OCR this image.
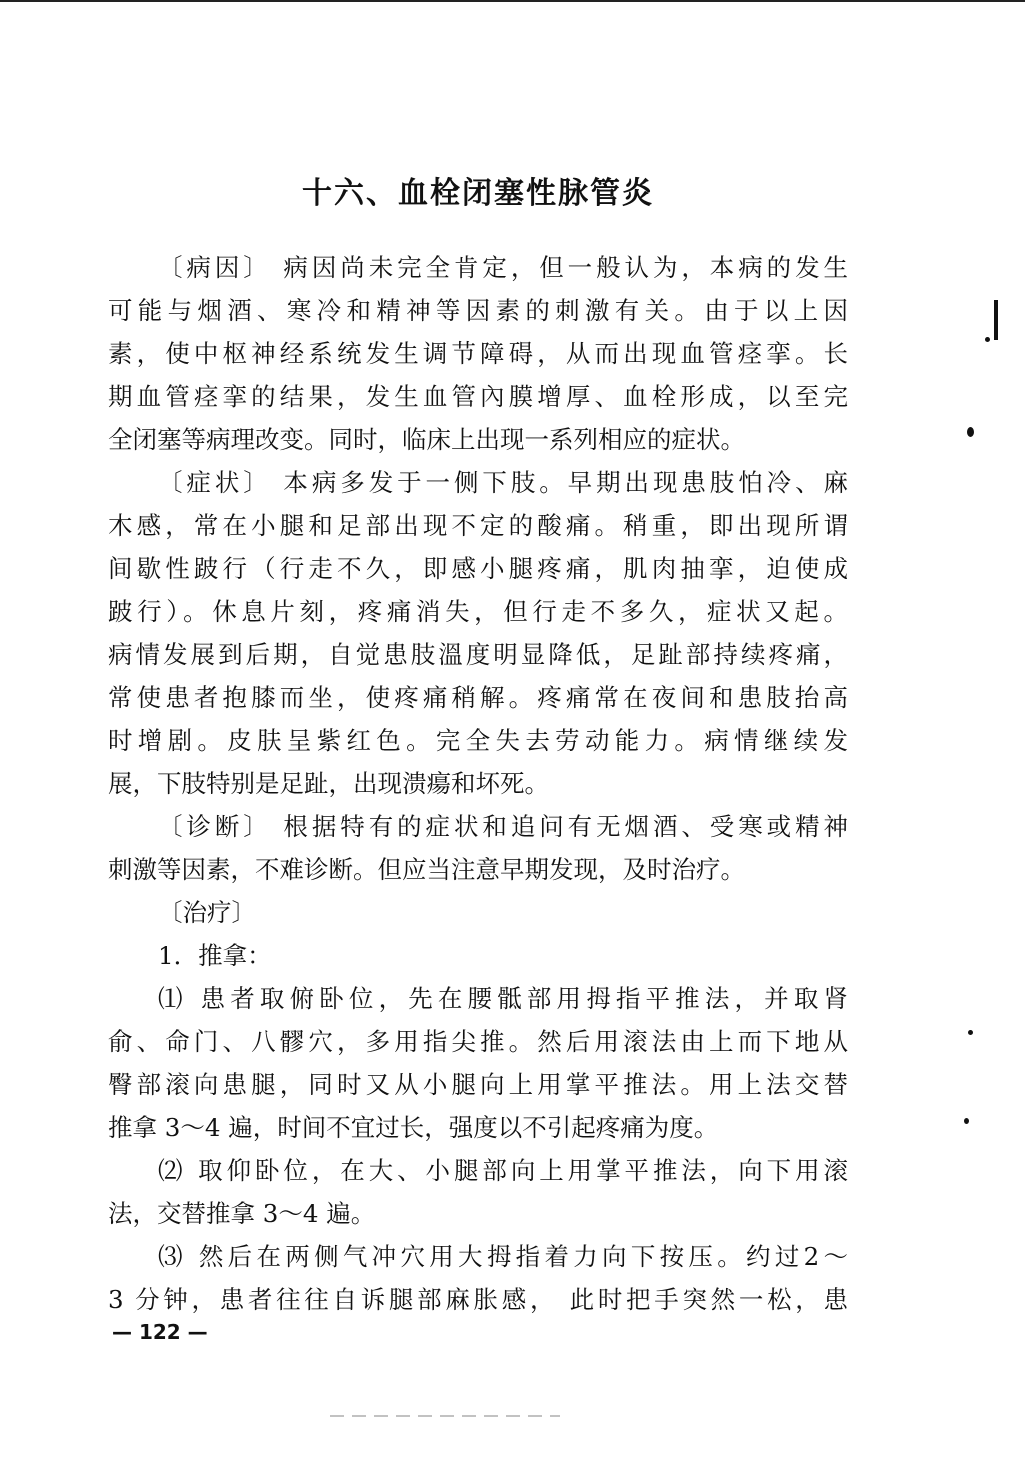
十六、血栓闭塞性脉管炎
〔病因〕 病因尚未完全肯定，但一般认为，本病的发生
可能与烟酒、寒冷和精神等因素的刺激有关。由于以上因
素，使中枢神经系统发生调节障碍，从而出现血管痉挛。长
期血管痉挛的结果，发生血管內膜增厚、血栓形成，以至完
全闭塞等病理改变。同时，临床上出现一系列相应的症状。
〔症状〕 本病多发于一侧下肢。早期出现患肢怕冷、麻
木感，常在小腿和足部出现不定的酸痛。稍重，即出现所谓
间歇性跛行（行走不久，即感小腿疼痛，肌肉抽挛，迫使成
跛行）。休息片刻，疼痛消失，但行走不多久，症状又起。
病情发展到后期，自觉患肢溫度明显降低，足趾部持续疼痛，
常使患者抱膝而坐，使疼痛稍解。疼痛常在夜间和患肢抬高
时增剧。皮肤呈紫红色。完全失去劳动能力。病情继续发
展，下肢特别是足趾，出现溃瘍和坏死。
〔诊断〕 根据特有的症状和追问有无烟酒、受寒或精神
刺激等因素，不难诊断。但应当注意早期发现，及时治疗。
〔治疗〕
1．推拿：
⑴ 患者取俯卧位，先在腰骶部用拇指平推法，并取肾
俞、命门、八髎穴，多用指尖推。然后用滚法由上而下地从
臀部滚向患腿，同时又从小腿向上用掌平推法。用上法交替
推拿 3～4 遍，时间不宜过长，强度以不引起疼痛为度。
⑵ 取仰卧位，在大、小腿部向上用掌平推法，向下用滚
法，交替推拿 3～4 遍。
⑶ 然后在两侧气冲穴用大拇指着力向下按压。约过2～
3 分钟，患者往往自诉腿部麻胀感， 此时把手突然一松，患
— 122 —
